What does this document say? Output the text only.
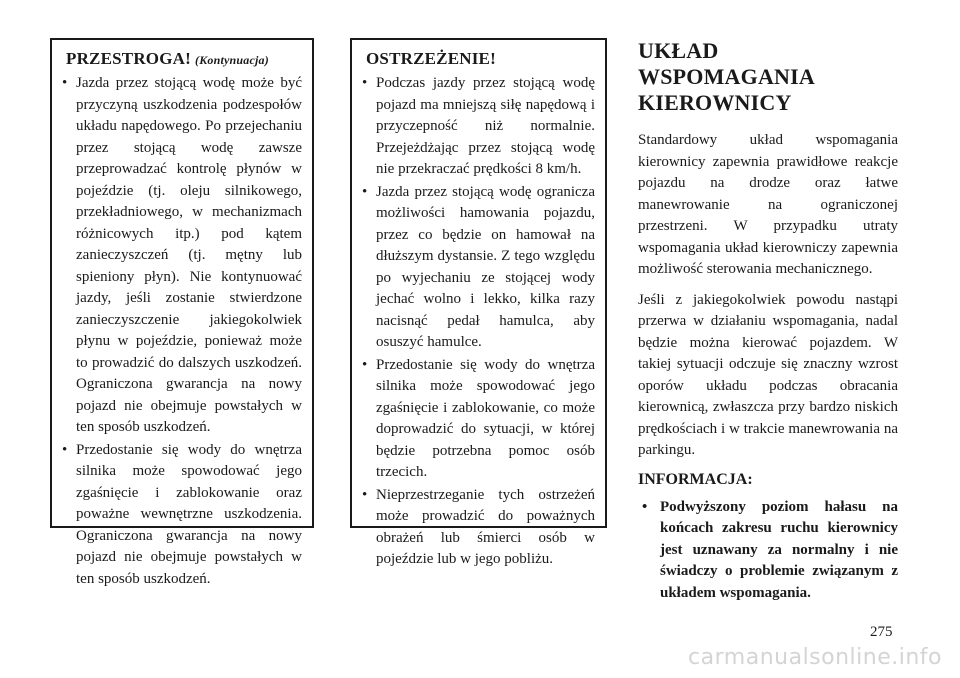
PRZESTROGA! (Kontynuacja)
• Jazda przez stojącą wodę może być przyczyną uszkodzenia podzespołów układu napędowego. Po przejechaniu przez stojącą wodę zawsze przeprowadzać kontrolę płynów w pojeździe (tj. oleju silnikowego, przekładniowego, w mechanizmach różnicowych itp.) pod kątem zanieczyszczeń (tj. mętny lub spieniony płyn). Nie kontynuować jazdy, jeśli zostanie stwierdzone zanieczyszczenie jakiegokolwiek płynu w pojeździe, ponieważ może to prowadzić do dalszych uszkodzeń. Ograniczona gwarancja na nowy pojazd nie obejmuje powstałych w ten sposób uszkodzeń.
• Przedostanie się wody do wnętrza silnika może spowodować jego zgaśnięcie i zablokowanie oraz poważne wewnętrzne uszkodzenia. Ograniczona gwarancja na nowy pojazd nie obejmuje powstałych w ten sposób uszkodzeń.
OSTRZEŻENIE!
• Podczas jazdy przez stojącą wodę pojazd ma mniejszą siłę napędową i przyczepność niż normalnie. Przejeżdżając przez stojącą wodę nie przekraczać prędkości 8 km/h.
• Jazda przez stojącą wodę ogranicza możliwości hamowania pojazdu, przez co będzie on hamował na dłuższym dystansie. Z tego względu po wyjechaniu ze stojącej wody jechać wolno i lekko, kilka razy nacisnąć pedał hamulca, aby osuszyć hamulce.
• Przedostanie się wody do wnętrza silnika może spowodować jego zgaśnięcie i zablokowanie, co może doprowadzić do sytuacji, w której będzie potrzebna pomoc osób trzecich.
• Nieprzestrzeganie tych ostrzeżeń może prowadzić do poważnych obrażeń lub śmierci osób w pojeździe lub w jego pobliżu.
UKŁAD WSPOMAGANIA
KIEROWNICY

Standardowy układ wspomagania kierownicy zapewnia prawidłowe reakcje pojazdu na drodze oraz łatwe manewrowanie na ograniczonej przestrzeni. W przypadku utraty wspomagania układ kierowniczy zapewnia możliwość sterowania mechanicznego.

Jeśli z jakiegokolwiek powodu nastąpi przerwa w działaniu wspomagania, nadal będzie można kierować pojazdem. W takiej sytuacji odczuje się znaczny wzrost oporów układu podczas obracania kierownicą, zwłaszcza przy bardzo niskich prędkościach i w trakcie manewrowania na parkingu.

INFORMACJA:
• Podwyższony poziom hałasu na końcach zakresu ruchu kierownicy jest uznawany za normalny i nie świadczy o problemie związanym z układem wspomagania.
275
carmanualsonline.info
